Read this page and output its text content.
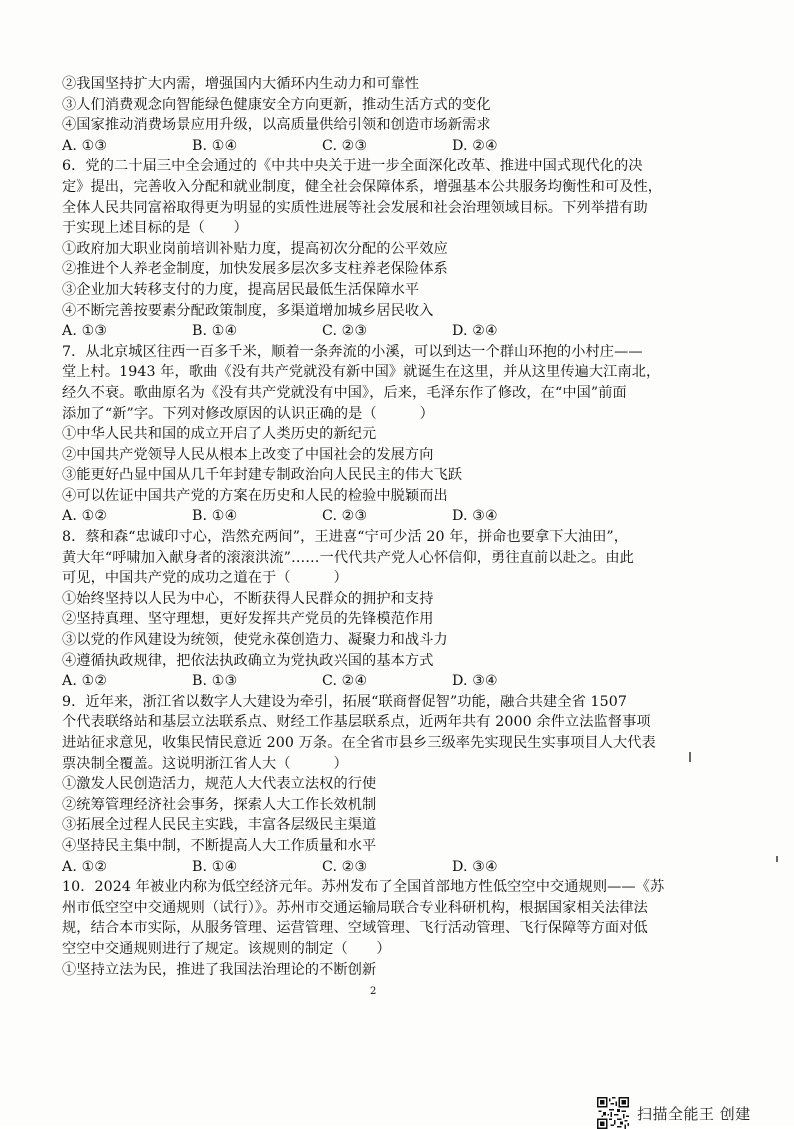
②我国坚持扩大内需，增强国内大循环内生动力和可靠性
③人们消费观念向智能绿色健康安全方向更新，推动生活方式的变化
④国家推动消费场景应用升级，以高质量供给引领和创造市场新需求
A. ①③	B. ①④	C. ②③	D. ②④
6．党的二十届三中全会通过的《中共中央关于进一步全面深化改革、推进中国式现代化的决
定》提出，完善收入分配和就业制度，健全社会保障体系，增强基本公共服务均衡性和可及性，
全体人民共同富裕取得更为明显的实质性进展等社会发展和社会治理领域目标。下列举措有助
于实现上述目标的是（　　）
①政府加大职业岗前培训补贴力度，提高初次分配的公平效应
②推进个人养老金制度，加快发展多层次多支柱养老保险体系
③企业加大转移支付的力度，提高居民最低生活保障水平
④不断完善按要素分配政策制度，多渠道增加城乡居民收入
A. ①③	B. ①④	C. ②③	D. ②④
7．从北京城区往西一百多千米，顺着一条奔流的小溪，可以到达一个群山环抱的小村庄——
堂上村。1943 年，歌曲《没有共产党就没有新中国》就诞生在这里，并从这里传遍大江南北，
经久不衰。歌曲原名为《没有共产党就没有中国》，后来，毛泽东作了修改，在“中国”前面
添加了“新”字。下列对修改原因的认识正确的是（　　　）
①中华人民共和国的成立开启了人类历史的新纪元
②中国共产党领导人民从根本上改变了中国社会的发展方向
③能更好凸显中国从几千年封建专制政治向人民民主的伟大飞跃
④可以佐证中国共产党的方案在历史和人民的检验中脱颖而出
A. ①②	B. ①④	C. ②③	D. ③④
8．蔡和森“忠诚印寸心，浩然充两间”，王进喜“宁可少活 20 年，拼命也要拿下大油田”，
黄大年“呼啸加入献身者的滚滚洪流”……一代代共产党人心怀信仰，勇往直前以赴之。由此
可见，中国共产党的成功之道在于（　　　）
①始终坚持以人民为中心，不断获得人民群众的拥护和支持
②坚持真理、坚守理想，更好发挥共产党员的先锋模范作用
③以党的作风建设为统领，使党永葆创造力、凝聚力和战斗力
④遵循执政规律，把依法执政确立为党执政兴国的基本方式
A. ①②	B. ①③	C. ②④	D. ③④
9．近年来，浙江省以数字人大建设为牵引，拓展“联商督促智”功能，融合共建全省 1507
个代表联络站和基层立法联系点、财经工作基层联系点，近两年共有 2000 余件立法监督事项
进站征求意见，收集民情民意近 200 万条。在全省市县乡三级率先实现民生实事项目人大代表
票决制全覆盖。这说明浙江省人大（　　　）
①激发人民创造活力，规范人大代表立法权的行使
②统筹管理经济社会事务，探索人大工作长效机制
③拓展全过程人民民主实践，丰富各层级民主渠道
④坚持民主集中制，不断提高人大工作质量和水平
A. ①②	B. ①④	C. ②③	D. ③④
10．2024 年被业内称为低空经济元年。苏州发布了全国首部地方性低空空中交通规则——《苏
州市低空空中交通规则（试行）》。苏州市交通运输局联合专业科研机构，根据国家相关法律法
规，结合本市实际，从服务管理、运营管理、空域管理、飞行活动管理、飞行保障等方面对低
空空中交通规则进行了规定。该规则的制定（　　）
①坚持立法为民，推进了我国法治理论的不断创新
2
扫描全能王 创建
